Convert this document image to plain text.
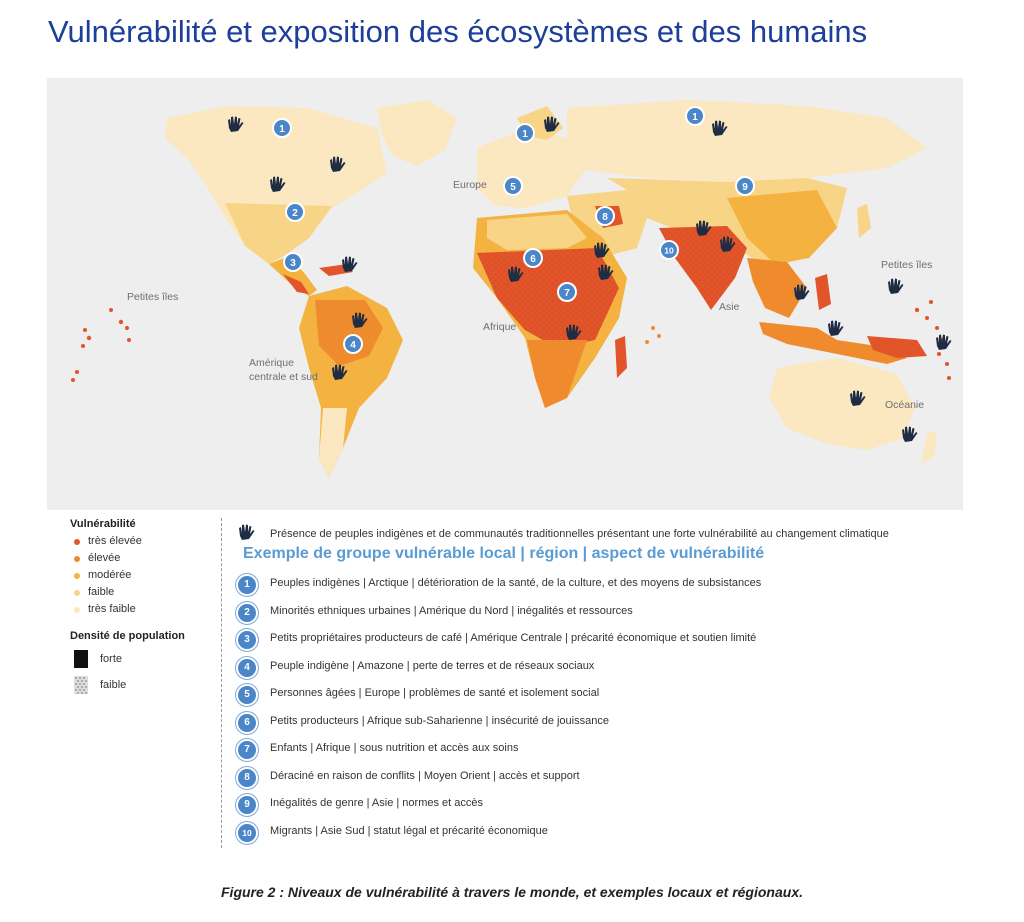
Vulnérabilité et exposition des écosystèmes et des humains
Petites îles
Europe
Afrique
Asie
Petites îles
Océanie
Amérique
centrale et sud
1	1
1
2
3
4
5
6
7
8
9
10
Vulnérabilité
très élevée
élevée
modérée
faible
très faible
Densité de population
forte
faible
Présence de peuples indigènes et de communautés traditionnelles présentant une forte vulnérabilité au changement climatique
Exemple de groupe vulnérable local | région | aspect de vulnérabilité
1	Peuples indigènes | Arctique | détérioration de la santé, de la culture, et des moyens de subsistances
2	Minorités ethniques urbaines | Amérique du Nord | inégalités et ressources
3	Petits propriétaires producteurs de café | Amérique Centrale | précarité économique et soutien limité
4	Peuple indigène | Amazone | perte de terres et de réseaux sociaux
5	Personnes âgées | Europe | problèmes de santé et isolement social
6	Petits producteurs | Afrique sub-Saharienne | insécurité de jouissance
7	Enfants | Afrique | sous nutrition et accès aux soins
8	Déraciné en raison de conflits | Moyen Orient | accès et support
9	Inégalités de genre | Asie | normes et accès
10	Migrants | Asie Sud | statut légal et précarité économique
Figure 2 : Niveaux de vulnérabilité à travers le monde, et exemples locaux et régionaux.
